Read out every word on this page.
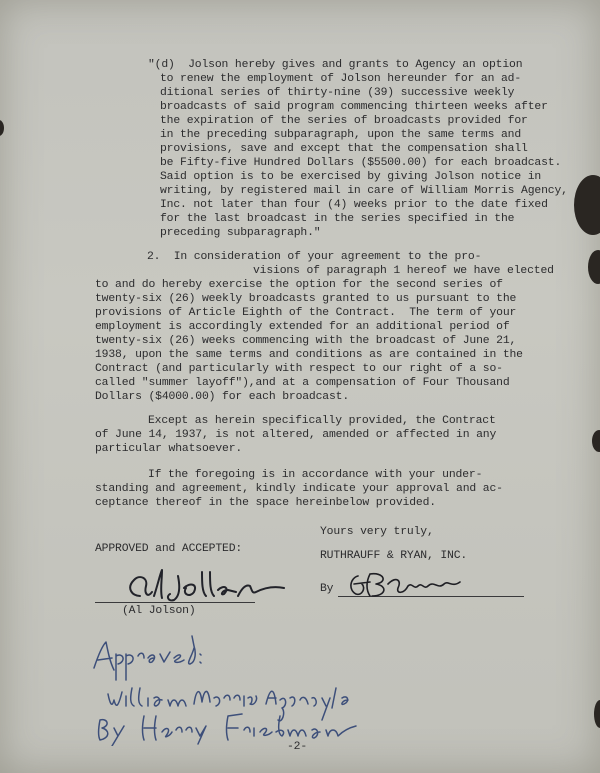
"(d)  Jolson hereby gives and grants to Agency an option
to renew the employment of Jolson hereunder for an ad-
ditional series of thirty-nine (39) successive weekly
broadcasts of said program commencing thirteen weeks after
the expiration of the series of broadcasts provided for
in the preceding subparagraph, upon the same terms and
provisions, save and except that the compensation shall
be Fifty-five Hundred Dollars ($5500.00) for each broadcast.
Said option is to be exercised by giving Jolson notice in
writing, by registered mail in care of William Morris Agency,
Inc. not later than four (4) weeks prior to the date fixed
for the last broadcast in the series specified in the
preceding subparagraph."
2.  In consideration of your agreement to the pro-
visions of paragraph 1 hereof we have elected
to and do hereby exercise the option for the second series of
twenty-six (26) weekly broadcasts granted to us pursuant to the
provisions of Article Eighth of the Contract.  The term of your
employment is accordingly extended for an additional period of
twenty-six (26) weeks commencing with the broadcast of June 21,
1938, upon the same terms and conditions as are contained in the
Contract (and particularly with respect to our right of a so-
called "summer layoff"),and at a compensation of Four Thousand
Dollars ($4000.00) for each broadcast.
Except as herein specifically provided, the Contract
of June 14, 1937, is not altered, amended or affected in any
particular whatsoever.
If the foregoing is in accordance with your under-
standing and agreement, kindly indicate your approval and ac-
ceptance thereof in the space hereinbelow provided.
Yours very truly,
RUTHRAUFF & RYAN, INC.
By
APPROVED and ACCEPTED:
(Al Jolson)
-2-
